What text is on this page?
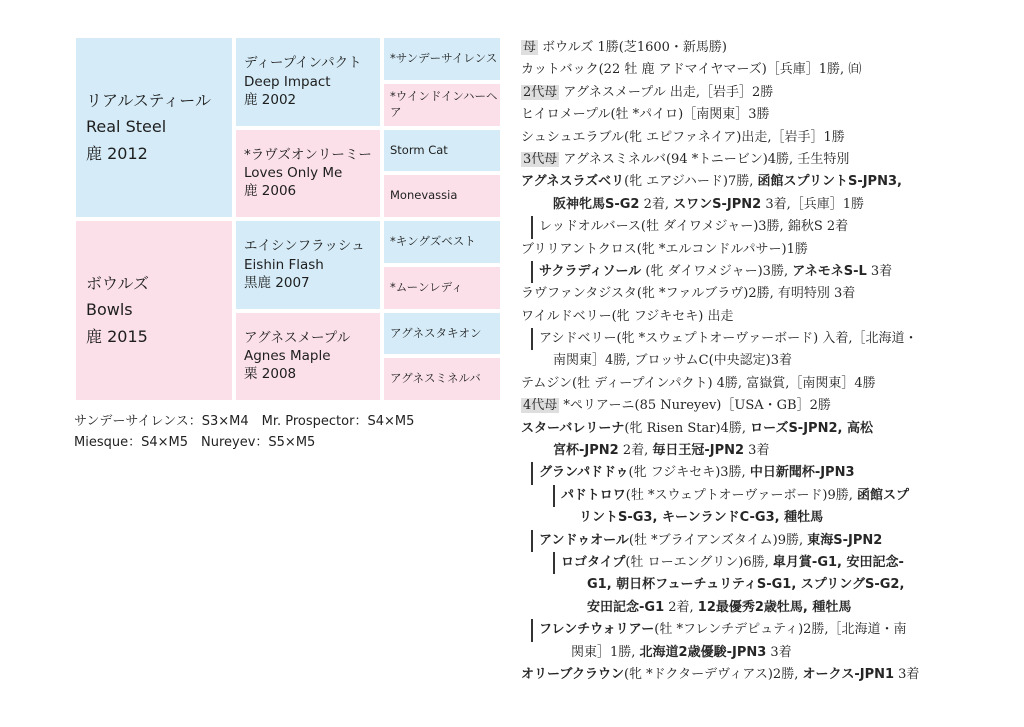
リアルスティール
Real Steel
鹿 2012
ディープインパクト
Deep Impact
鹿 2002
*ラヴズオンリーミー
Loves Only Me
鹿 2006
ボウルズ
Bowls
鹿 2015
エイシンフラッシュ
Eishin Flash
黒鹿 2007
アグネスメープル
Agnes Maple
栗 2008
*サンデーサイレンス
*ウインドインハーヘア
Storm Cat
Monevassia
*キングズベスト
*ムーンレディ
アグネスタキオン
アグネスミネルバ
サンデーサイレンス：S3×M4　Mr. Prospector：S4×M5
Miesque：S4×M5　Nureyev：S5×M5
母 ボウルズ 1勝(芝1600・新馬勝)
カットバック(22 牡 鹿 アドマイヤマーズ)［兵庫］1勝, ㉂
2代母 アグネスメープル 出走,［岩手］2勝
ヒイロメープル(牡 *パイロ)［南関東］3勝
シュシュエラブル(牝 エピファネイア)出走,［岩手］1勝
3代母 アグネスミネルバ(94 *トニービン)4勝, 壬生特別
アグネスラズベリ(牝 エアジハード)7勝, 函館スプリントS-JPN3,
阪神牝馬S-G2 2着, スワンS-JPN2 3着,［兵庫］1勝
レッドオルバース(牡 ダイワメジャー)3勝, 錦秋S 2着
ブリリアントクロス(牝 *エルコンドルパサー)1勝
サクラディソール (牝 ダイワメジャー)3勝, アネモネS-L 3着
ラヴファンタジスタ(牝 *ファルブラヴ)2勝, 有明特別 3着
ワイルドベリー(牝 フジキセキ) 出走
アシドベリー(牝 *スウェプトオーヴァーボード) 入着,［北海道・
南関東］4勝, ブロッサムC(中央認定)3着
テムジン(牡 ディープインパクト) 4勝, 富嶽賞,［南関東］4勝
4代母 *ペリアーニ(85 Nureyev)［USA・GB］2勝
スターバレリーナ(牝 Risen Star)4勝, ローズS-JPN2, 高松
宮杯-JPN2 2着, 毎日王冠-JPN2 3着
グランパドドゥ(牝 フジキセキ)3勝, 中日新聞杯-JPN3
パドトロワ(牡 *スウェプトオーヴァーボード)9勝, 函館スプ
リントS-G3, キーンランドC-G3, 種牡馬
アンドゥオール(牡 *ブライアンズタイム)9勝, 東海S-JPN2
ロゴタイプ(牡 ローエングリン)6勝, 皐月賞-G1, 安田記念-
G1, 朝日杯フューチュリティS-G1, スプリングS-G2,
安田記念-G1 2着, 12最優秀2歳牡馬, 種牡馬
フレンチウォリアー(牡 *フレンチデピュティ)2勝,［北海道・南
関東］1勝, 北海道2歳優駿-JPN3 3着
オリーブクラウン(牝 *ドクターデヴィアス)2勝, オークス-JPN1 3着
